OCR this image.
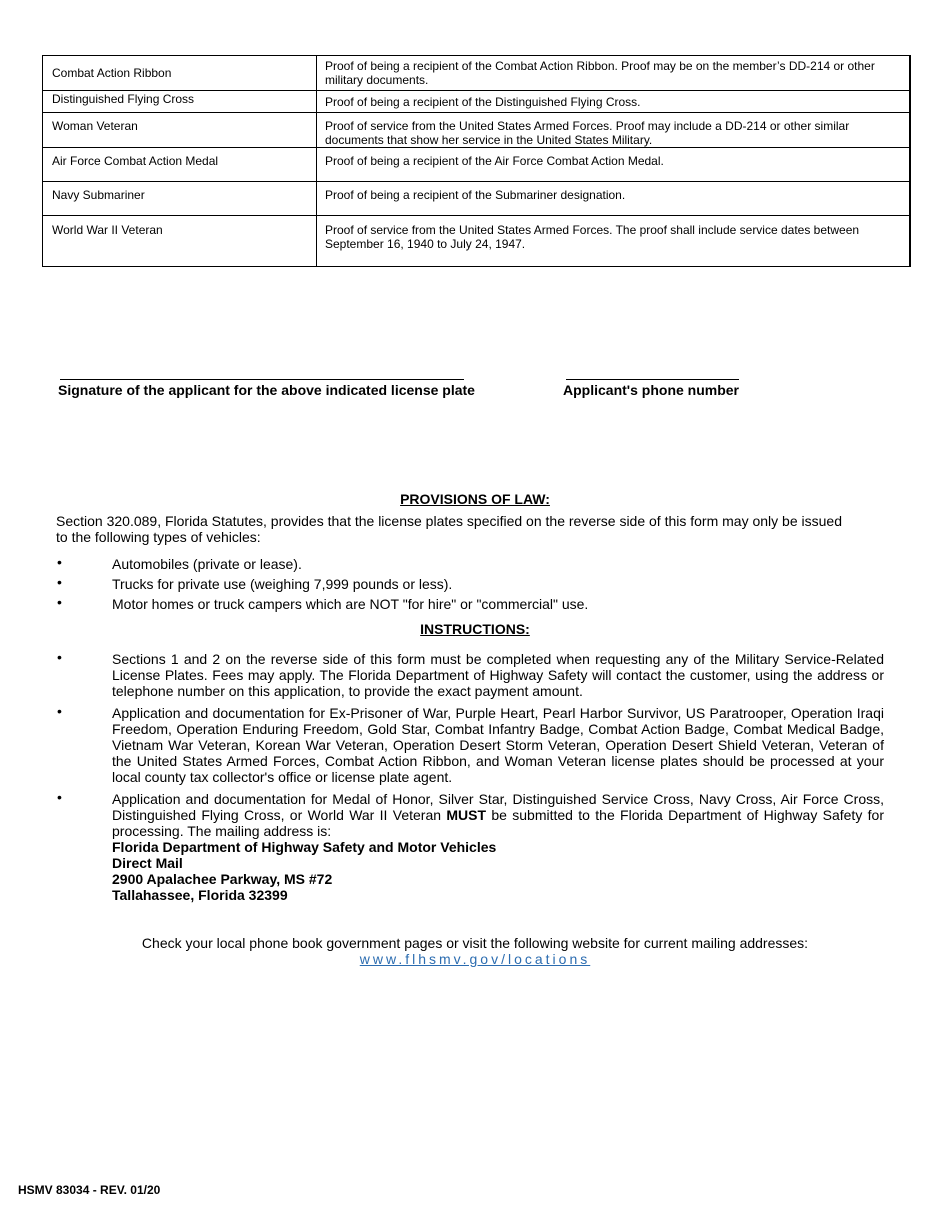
Combat Action Ribbon	Proof of being a recipient of the Combat Action Ribbon. Proof may be on the member’s DD-214 or other military documents.
Distinguished Flying Cross	Proof of being a recipient of the Distinguished Flying Cross.
Woman Veteran	Proof of service from the United States Armed Forces. Proof may include a DD-214 or other similar documents that show her service in the United States Military.
Air Force Combat Action Medal	Proof of being a recipient of the Air Force Combat Action Medal.
Navy Submariner	Proof of being a recipient of the Submariner designation.
World War II Veteran	Proof of service from the United States Armed Forces. The proof shall include service dates between September 16, 1940 to July 24, 1947.
Signature of the applicant for the above indicated license plate	Applicant's phone number
PROVISIONS OF LAW:
Section 320.089, Florida Statutes, provides that the license plates specified on the reverse side of this form may only be issued to the following types of vehicles:
•	Automobiles (private or lease).
•	Trucks for private use (weighing 7,999 pounds or less).
•	Motor homes or truck campers which are NOT "for hire" or "commercial" use.
INSTRUCTIONS:
•	Sections 1 and 2 on the reverse side of this form must be completed when requesting any of the Military Service-Related License Plates. Fees may apply. The Florida Department of Highway Safety will contact the customer, using the address or telephone number on this application, to provide the exact payment amount.
•	Application and documentation for Ex-Prisoner of War, Purple Heart, Pearl Harbor Survivor, US Paratrooper, Operation Iraqi Freedom, Operation Enduring Freedom, Gold Star, Combat Infantry Badge, Combat Action Badge, Combat Medical Badge, Vietnam War Veteran, Korean War Veteran, Operation Desert Storm Veteran, Operation Desert Shield Veteran, Veteran of the United States Armed Forces, Combat Action Ribbon, and Woman Veteran license plates should be processed at your local county tax collector's office or license plate agent.
•	Application and documentation for Medal of Honor, Silver Star, Distinguished Service Cross, Navy Cross, Air Force Cross, Distinguished Flying Cross, or World War II Veteran MUST be submitted to the Florida Department of Highway Safety for processing. The mailing address is:
Florida Department of Highway Safety and Motor Vehicles
Direct Mail
2900 Apalachee Parkway, MS #72
Tallahassee, Florida 32399
Check your local phone book government pages or visit the following website for current mailing addresses:
www.flhsmv.gov/locations
HSMV 83034 - REV. 01/20
